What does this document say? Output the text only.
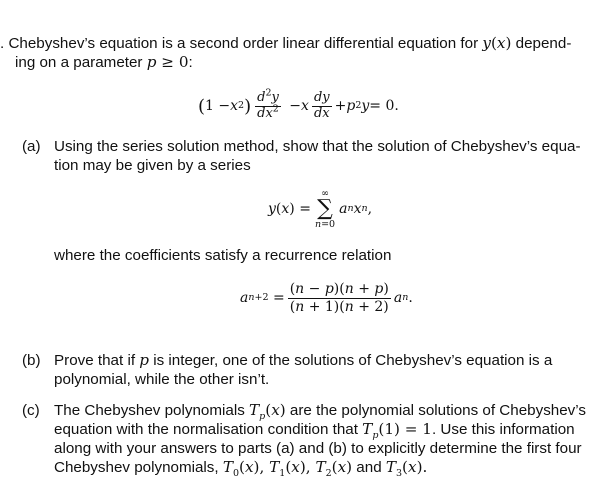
. Chebyshev’s equation is a second order linear differential equation for y(x) depend-
ing on a parameter p ≥ 0:
( 1 − x 2 ) $\frac{d^2y}{dx^2} - x \frac{dy}{dx} + p$ 2 y = 0.
(a) Using the series solution method, show that the solution of Chebyshev’s equa-
tion may be given by a series
y ( x ) =
∞
∑
n=0
a n x n ,
where the coefficients satisfy a recurrence relation
a $n+2 = \frac{(n - p)(n + p)}{(n + 1)(n + 2)}$ a n .
(b) Prove that if p is integer, one of the solutions of Chebyshev’s equation is a
polynomial, while the other isn’t.
(c) The Chebyshev polynomials $T_p(x)$ are the polynomial solutions of Chebyshev’s
equation with the normalisation condition that $T_p(1) = 1$. Use this information
along with your answers to parts (a) and (b) to explicitly determine the first four
Chebyshev polynomials, $T_0(x)$, $T_1(x)$, $T_2(x)$ and $T_3(x)$.
